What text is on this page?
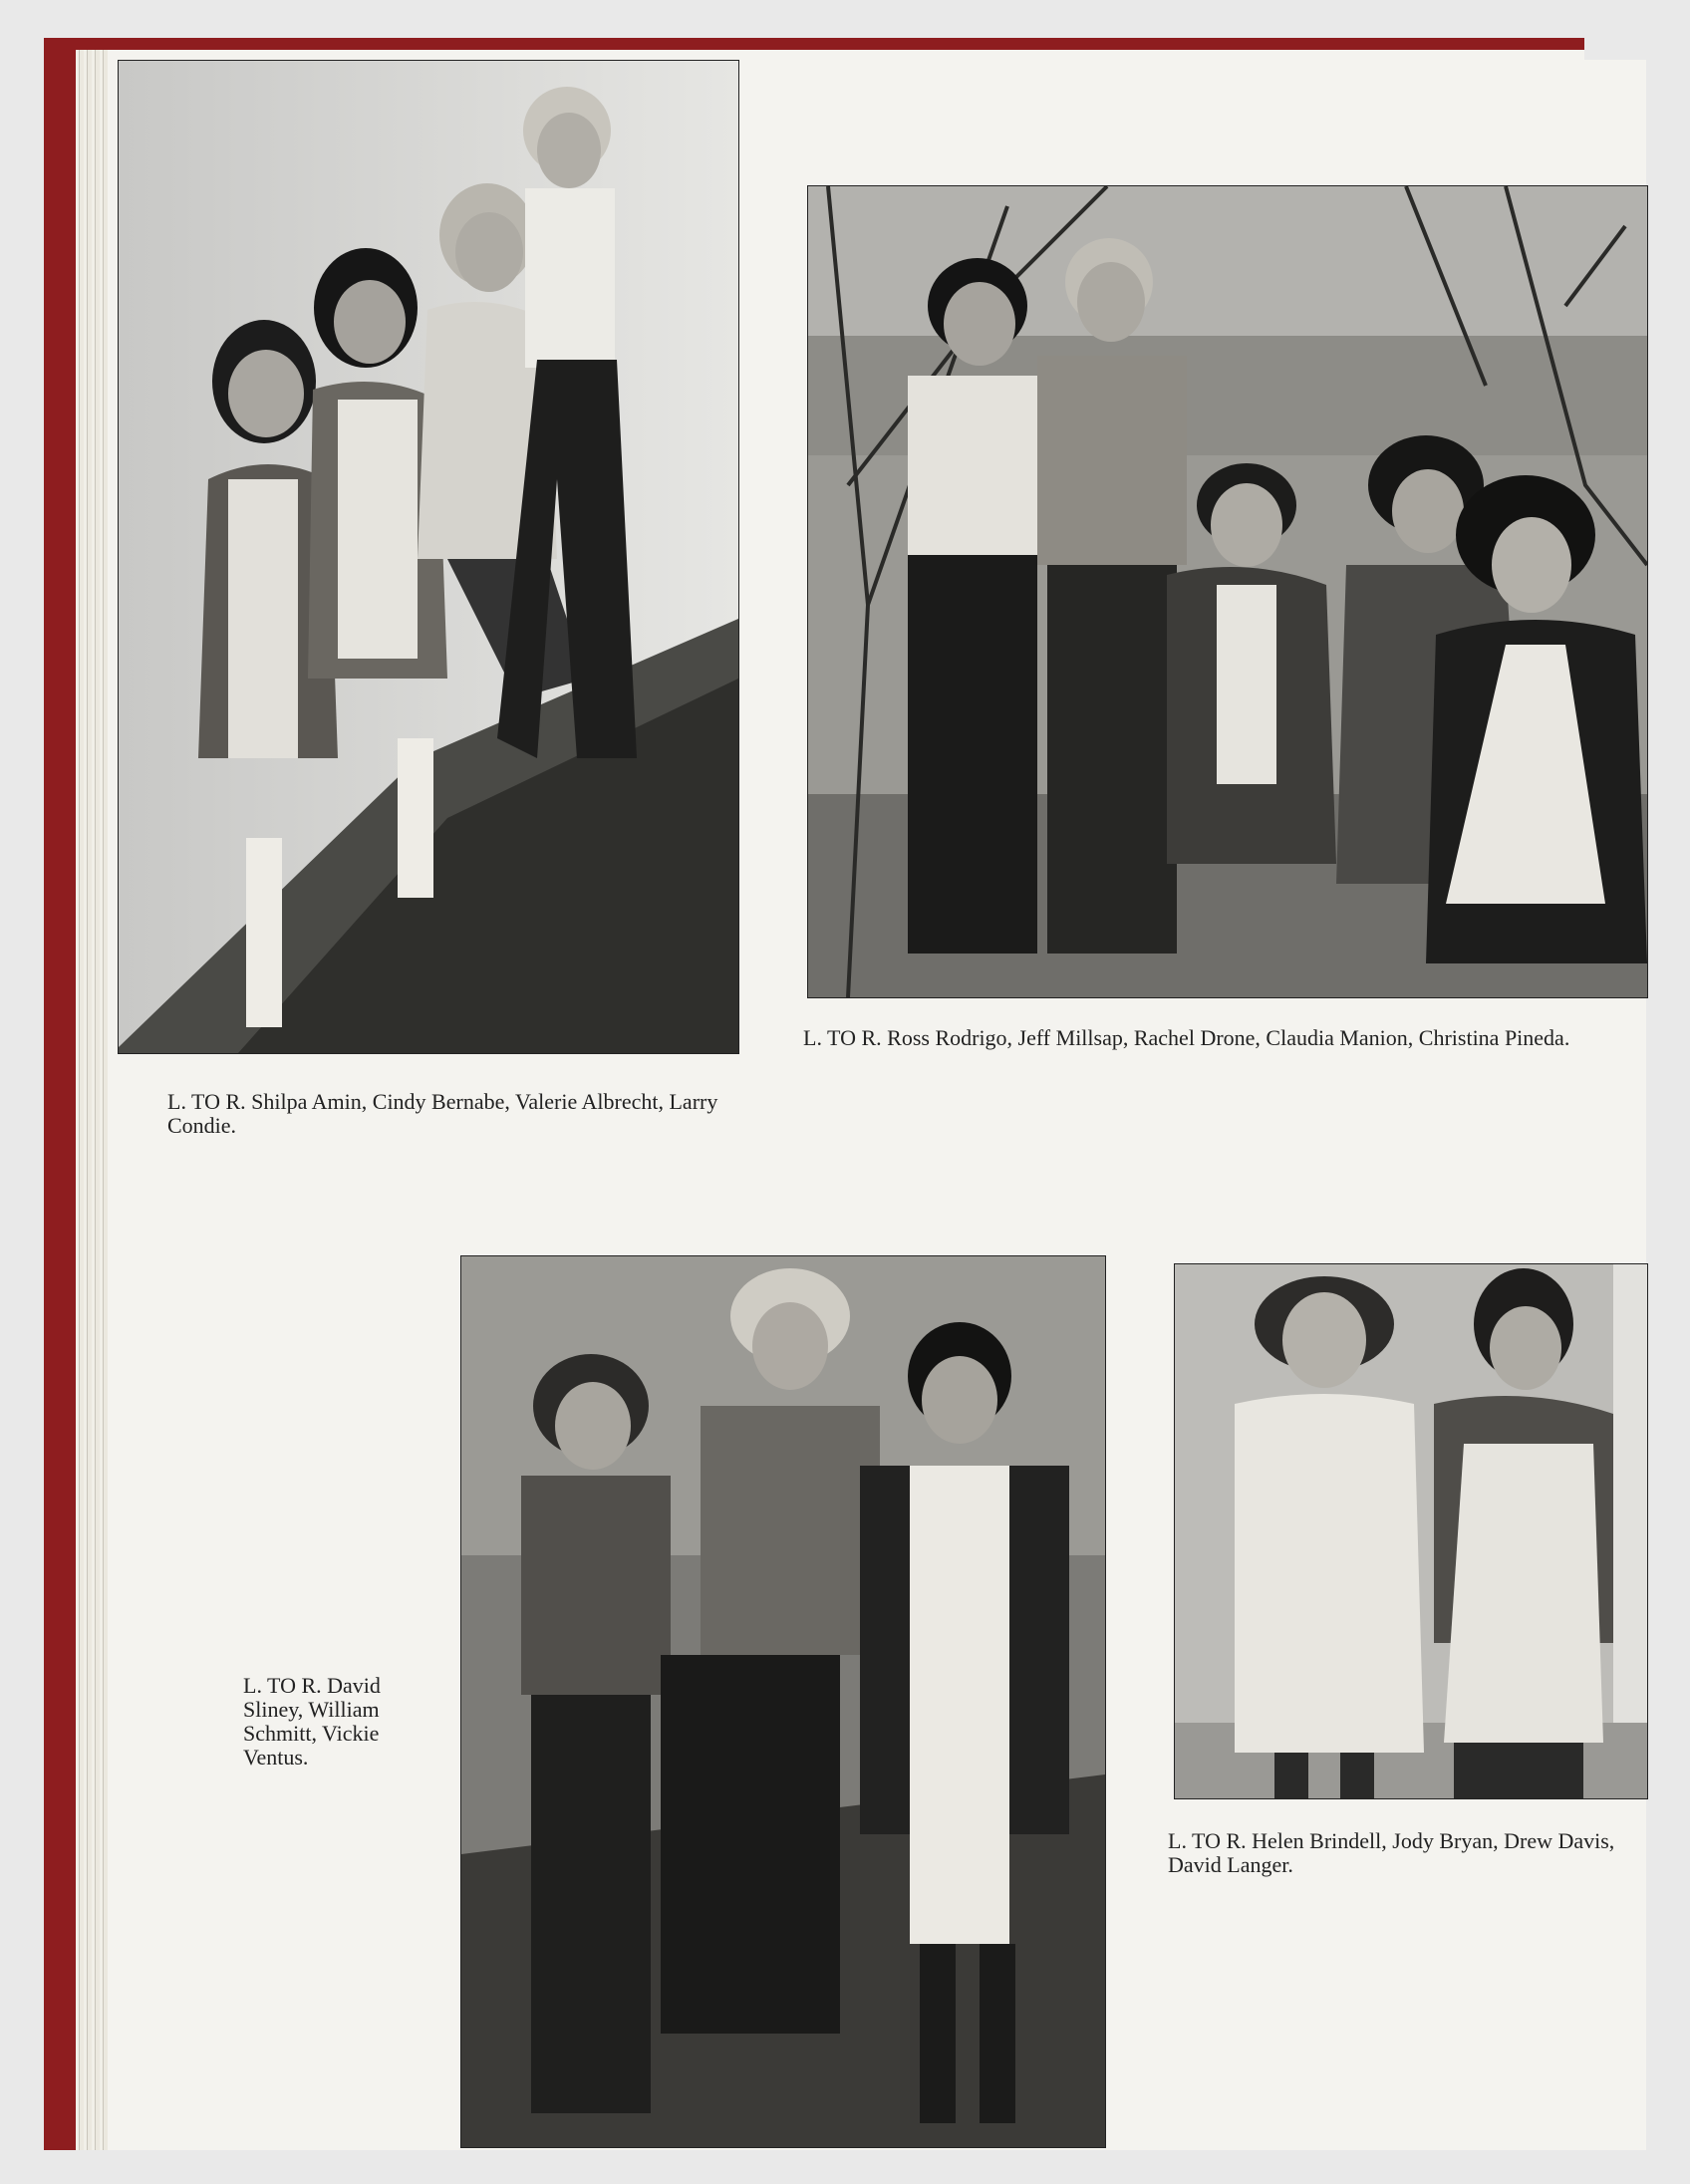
L. TO R. Shilpa Amin, Cindy Bernabe, Valerie Albrecht, Larry Condie.

L. TO R. Ross Rodrigo, Jeff Millsap, Rachel Drone, Claudia Manion, Christina Pineda.

L. TO R. David Sliney, William Schmitt, Vickie Ventus.

L. TO R. Helen Brindell, Jody Bryan, Drew Davis, David Langer.
